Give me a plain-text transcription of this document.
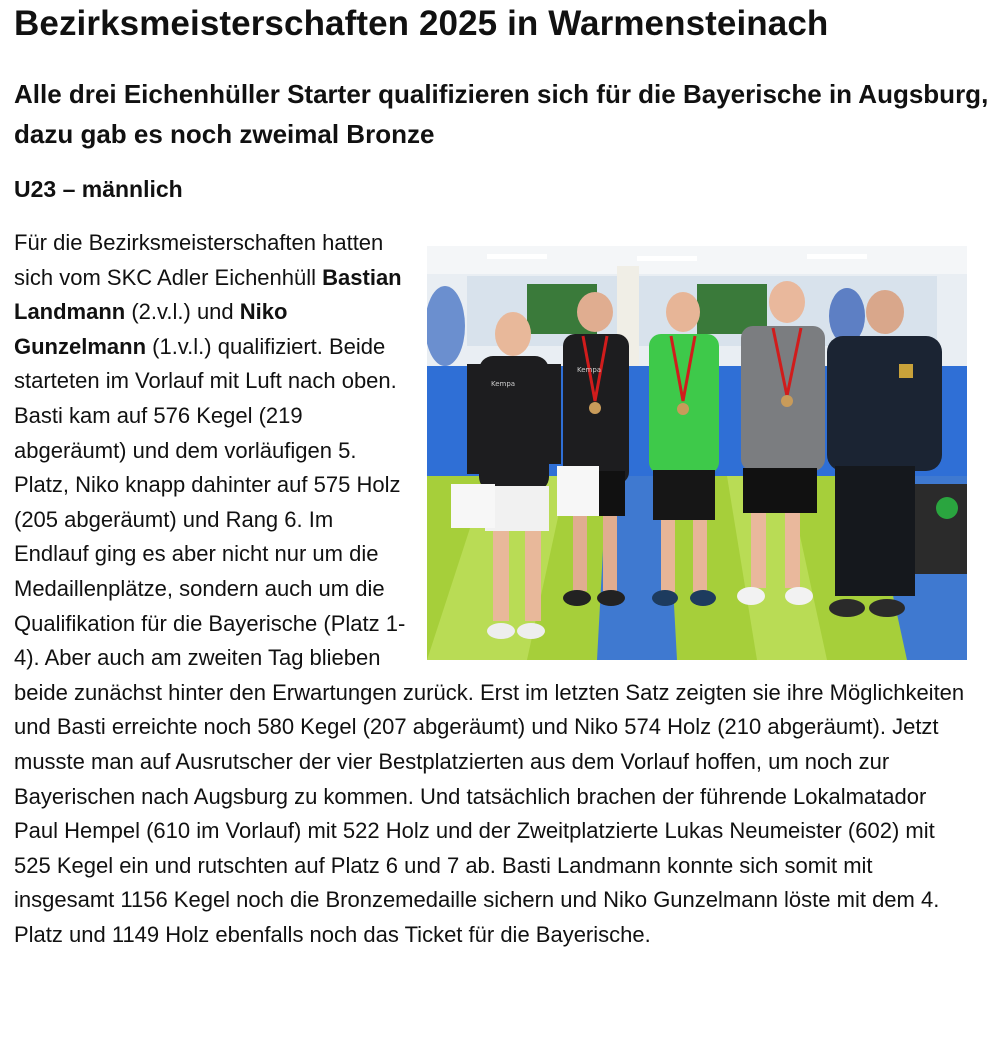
Bezirksmeisterschaften 2025 in Warmensteinach
Alle drei Eichenhüller Starter qualifizieren sich für die Bayerische in Augsburg, dazu gab es noch zweimal Bronze
U23 – männlich

Kempa
Kempa
Für die Bezirksmeisterschaften hatten sich vom SKC Adler Eichenhüll Bastian Landmann (2.v.l.) und Niko Gunzelmann (1.v.l.) qualifiziert. Beide starteten im Vorlauf mit Luft nach oben. Basti kam auf 576 Kegel (219 abgeräumt) und dem vorläufigen 5. Platz, Niko knapp dahinter auf 575 Holz (205 abgeräumt) und Rang 6. Im Endlauf ging es aber nicht nur um die Medaillenplätze, sondern auch um die Qualifikation für die Bayerische (Platz 1- 4). Aber auch am zweiten Tag blieben beide zunächst hinter den Erwartungen zurück. Erst im letzten Satz zeigten sie ihre Möglichkeiten und Basti erreichte noch 580 Kegel (207 abgeräumt) und Niko 574 Holz (210 abgeräumt). Jetzt musste man auf Ausrutscher der vier Bestplatzierten aus dem Vorlauf hoffen, um noch zur Bayerischen nach Augsburg zu kommen. Und tatsächlich brachen der führende Lokalmatador Paul Hempel (610 im Vorlauf) mit 522 Holz und der Zweitplatzierte Lukas Neumeister (602) mit 525 Kegel ein und rutschten auf Platz 6 und 7 ab. Basti Landmann konnte sich somit mit insgesamt 1156 Kegel noch die Bronzemedaille sichern und Niko Gunzelmann löste mit dem 4. Platz und 1149 Holz ebenfalls noch das Ticket für die Bayerische.
